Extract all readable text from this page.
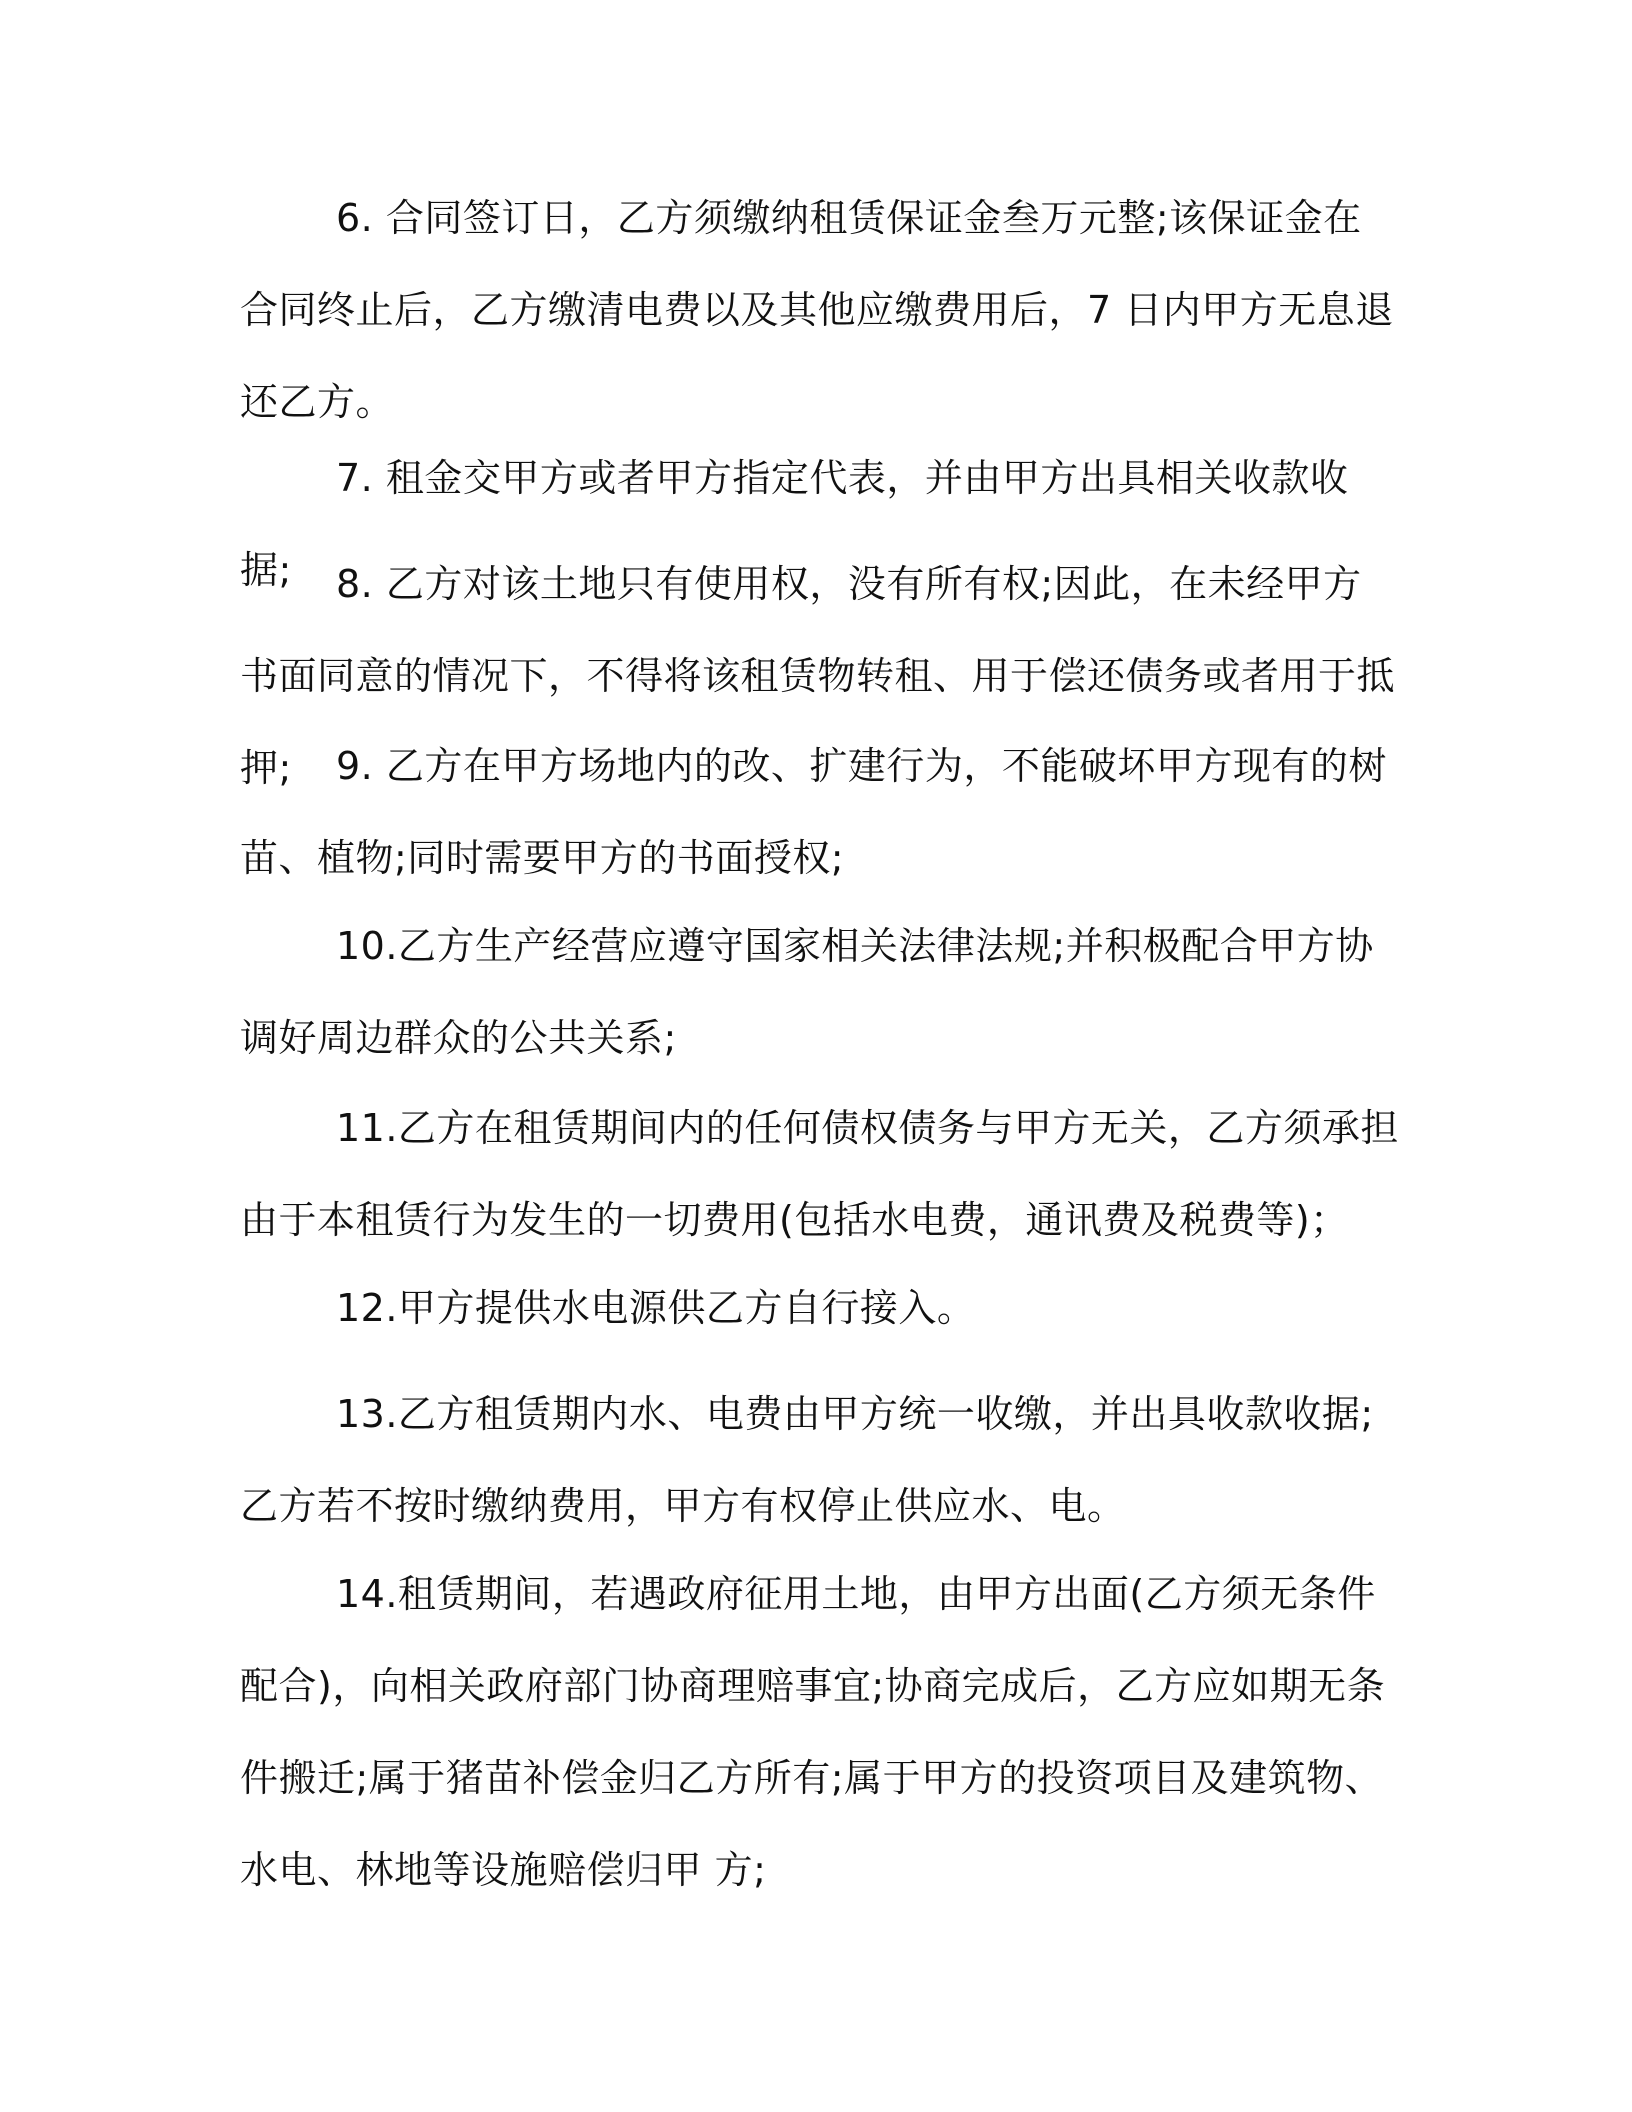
6. 合同签订日，乙方须缴纳租赁保证金叁万元整;该保证金在合同终止后，乙方缴清电费以及其他应缴费用后，7 日内甲方无息退还乙方。

7. 租金交甲方或者甲方指定代表，并由甲方出具相关收款收据;	8. 乙方对该土地只有使用权，没有所有权;因此，在未经甲方书面同意的情况下，不得将该租赁物转租、用于偿还债务或者用于抵押;	9. 乙方在甲方场地内的改、扩建行为，不能破坏甲方现有的树苗、植物;同时需要甲方的书面授权;

10.乙方生产经营应遵守国家相关法律法规;并积极配合甲方协调好周边群众的公共关系;

11.乙方在租赁期间内的任何债权债务与甲方无关，乙方须承担由于本租赁行为发生的一切费用(包括水电费，通讯费及税费等)；

12.甲方提供水电源供乙方自行接入。

13.乙方租赁期内水、电费由甲方统一收缴，并出具收款收据;乙方若不按时缴纳费用，甲方有权停止供应水、电。

14.租赁期间，若遇政府征用土地，由甲方出面(乙方须无条件配合)，向相关政府部门协商理赔事宜;协商完成后，乙方应如期无条件搬迁;属于猪苗补偿金归乙方所有;属于甲方的投资项目及建筑物、水电、林地等设施赔偿归甲 方;
